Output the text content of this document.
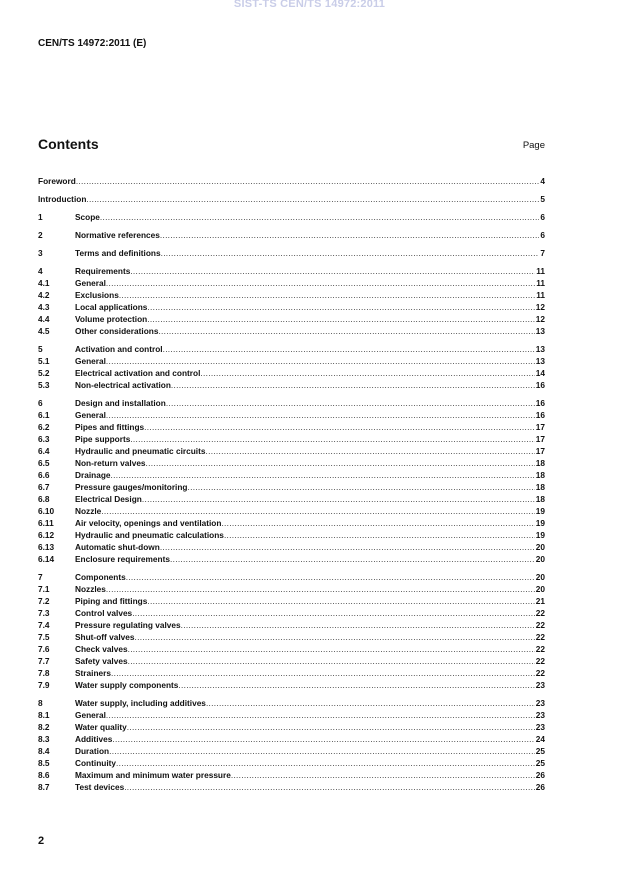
SIST-TS CEN/TS 14972:2011
CEN/TS 14972:2011 (E)
Contents	Page
Foreword .....	4
Introduction .....	5
1	Scope .....	6
2	Normative references .....	6
3	Terms and definitions .....	7
4	Requirements .....	11
4.1	General .....	11
4.2	Exclusions .....	11
4.3	Local applications .....	12
4.4	Volume protection .....	12
4.5	Other considerations .....	13
5	Activation and control .....	13
5.1	General .....	13
5.2	Electrical activation and control .....	14
5.3	Non-electrical activation .....	16
6	Design and installation .....	16
6.1	General .....	16
6.2	Pipes and fittings .....	17
6.3	Pipe supports .....	17
6.4	Hydraulic and pneumatic circuits .....	17
6.5	Non-return valves .....	18
6.6	Drainage .....	18
6.7	Pressure gauges/monitoring .....	18
6.8	Electrical Design .....	18
6.10	Nozzle .....	19
6.11	Air velocity, openings and ventilation .....	19
6.12	Hydraulic and pneumatic calculations .....	19
6.13	Automatic shut-down .....	20
6.14	Enclosure requirements .....	20
7	Components .....	20
7.1	Nozzles .....	20
7.2	Piping and fittings .....	21
7.3	Control valves .....	22
7.4	Pressure regulating valves .....	22
7.5	Shut-off valves .....	22
7.6	Check valves .....	22
7.7	Safety valves .....	22
7.8	Strainers .....	22
7.9	Water supply components .....	23
8	Water supply, including additives .....	23
8.1	General .....	23
8.2	Water quality .....	23
8.3	Additives .....	24
8.4	Duration .....	25
8.5	Continuity .....	25
8.6	Maximum and minimum water pressure .....	26
8.7	Test devices .....	26
2
